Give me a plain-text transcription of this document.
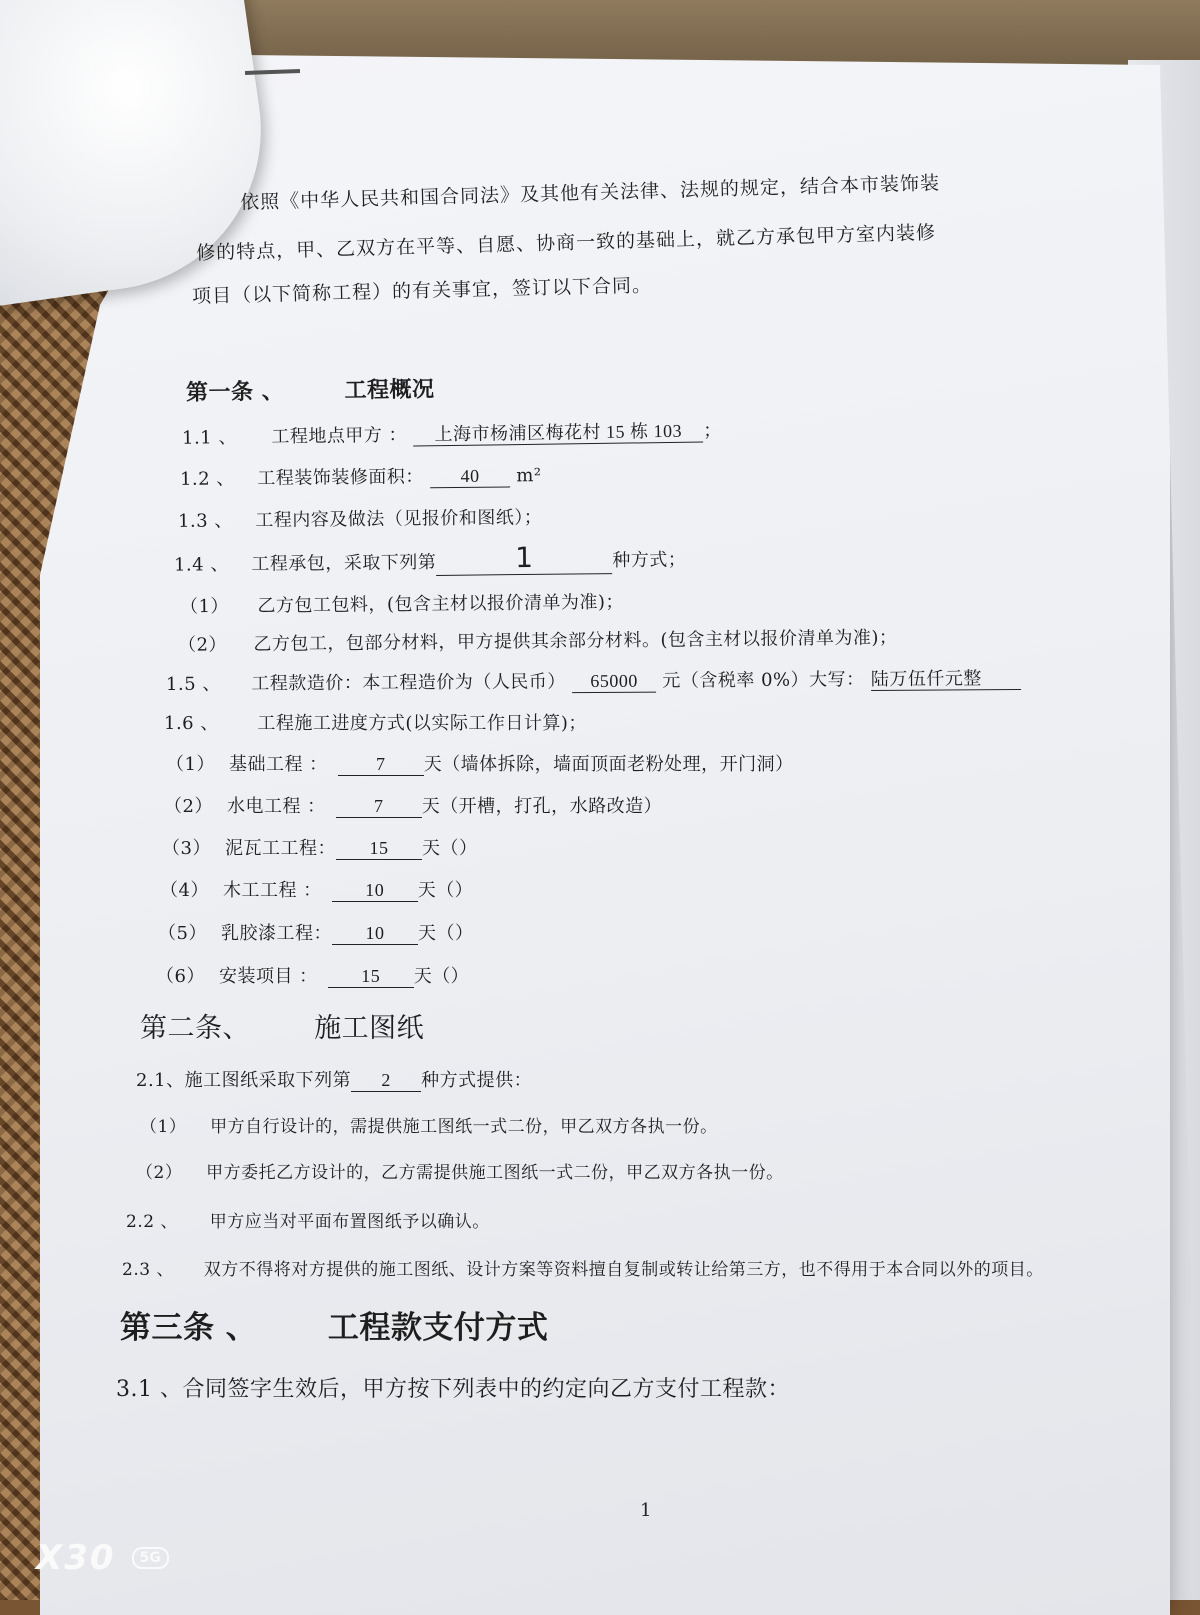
依照《中华人民共和国合同法》及其他有关法律、法规的规定，结合本市装饰装
修的特点，甲、乙双方在平等、自愿、协商一致的基础上，就乙方承包甲方室内装修
项目（以下简称工程）的有关事宜，签订以下合同。
第一条 、	工程概况
1.1 、 工程地点甲方 ： 上海市杨浦区梅花村 15 栋 103 ；
1.2 、 工程装饰装修面积： 40 m²
1.3 、 工程内容及做法（见报价和图纸）；
1.4 、 工程承包，采取下列第	1	种方式；
（1） 乙方包工包料，(包含主材以报价清单为准)；
（2） 乙方包工，包部分材料，甲方提供其余部分材料。(包含主材以报价清单为准)；
1.5 、 工程款造价：本工程造价为（人民币） 65000 元（含税率 0%）大写： 陆万伍仟元整
1.6 、 工程施工进度方式(以实际工作日计算)；
（1） 基础工程 ：	7 天（墙体拆除，墙面顶面老粉处理，开门洞）
（2） 水电工程 ：	7 天（开槽，打孔，水路改造）
（3） 泥瓦工工程： 15 天（）
（4） 木工工程 ： 10 天（）
（5） 乳胶漆工程： 10 天（）
（6） 安装项目 ： 15 天（）
第二条、 施工图纸
2.1、施工图纸采取下列第 2 种方式提供：
（1） 甲方自行设计的，需提供施工图纸一式二份，甲乙双方各执一份。
（2） 甲方委托乙方设计的，乙方需提供施工图纸一式二份，甲乙双方各执一份。
2.2 、 甲方应当对平面布置图纸予以确认。
2.3 、 双方不得将对方提供的施工图纸、设计方案等资料擅自复制或转让给第三方，也不得用于本合同以外的项目。
第三条 、 工程款支付方式
3.1 、合同签字生效后，甲方按下列表中的约定向乙方支付工程款：
1
X30	5G
